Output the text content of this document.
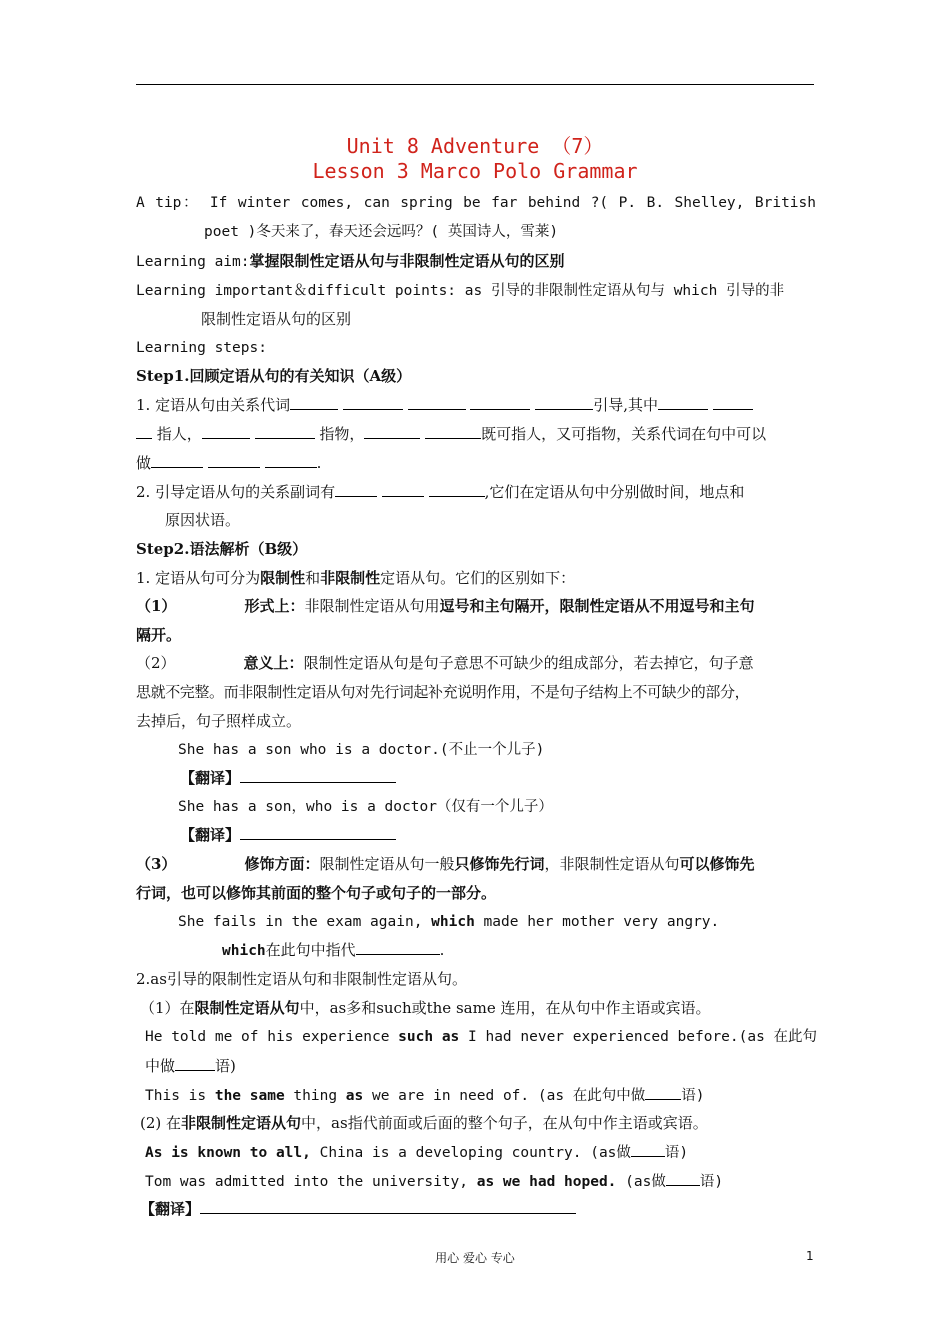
Unit 8 Adventure （7）
Lesson 3 Marco Polo Grammar
A tip： If winter comes, can spring be far behind ?( P. B. Shelley, British
poet )冬天来了，春天还会远吗？( 英国诗人，雪莱)
Learning aim:掌握限制性定语从句与非限制性定语从句的区别
Learning important＆difficult points: as 引导的非限制性定语从句与 which 引导的非
限制性定语从句的区别
Learning steps:
Step1.回顾定语从句的有关知识（A级）
1. 定语从句由关系代词	引导,其中
指人，	指物，	既可指人，又可指物，关系代词在句中可以
做	.
2. 引导定语从句的关系副词有	,它们在定语从句中分别做时间，地点和
原因状语。
Step2.语法解析（B级）
1. 定语从句可分为限制性和非限制性定语从句。它们的区别如下：
（1）	形式上：非限制性定语从句用逗号和主句隔开，限制性定语从不用逗号和主句
隔开。
（2）	意义上：限制性定语从句是句子意思不可缺少的组成部分，若去掉它，句子意
思就不完整。而非限制性定语从句对先行词起补充说明作用，不是句子结构上不可缺少的部分，
去掉后，句子照样成立。
She has a son who is a doctor.(不止一个儿子)
【翻译】
She has a son，who is a doctor（仅有一个儿子）
【翻译】
（3）	修饰方面：限制性定语从句一般只修饰先行词，非限制性定语从句可以修饰先
行词，也可以修饰其前面的整个句子或句子的一部分。
She fails in the exam again, which made her mother very angry.
which在此句中指代	.
2.as引导的限制性定语从句和非限制性定语从句。
（1）在限制性定语从句中，as多和such或the same 连用，在从句中作主语或宾语。
He told me of his experience such as I had never experienced before.(as 在此句
中做	语)
This is the same thing as we are in need of. (as 在此句中做 语)
(2) 在非限制性定语从句中，as指代前面或后面的整个句子，在从句中作主语或宾语。
As is known to all, China is a developing country. (as做 语)
Tom was admitted into the university, as we had hoped. (as做 语)
【翻译】
用心 爱心 专心	1
